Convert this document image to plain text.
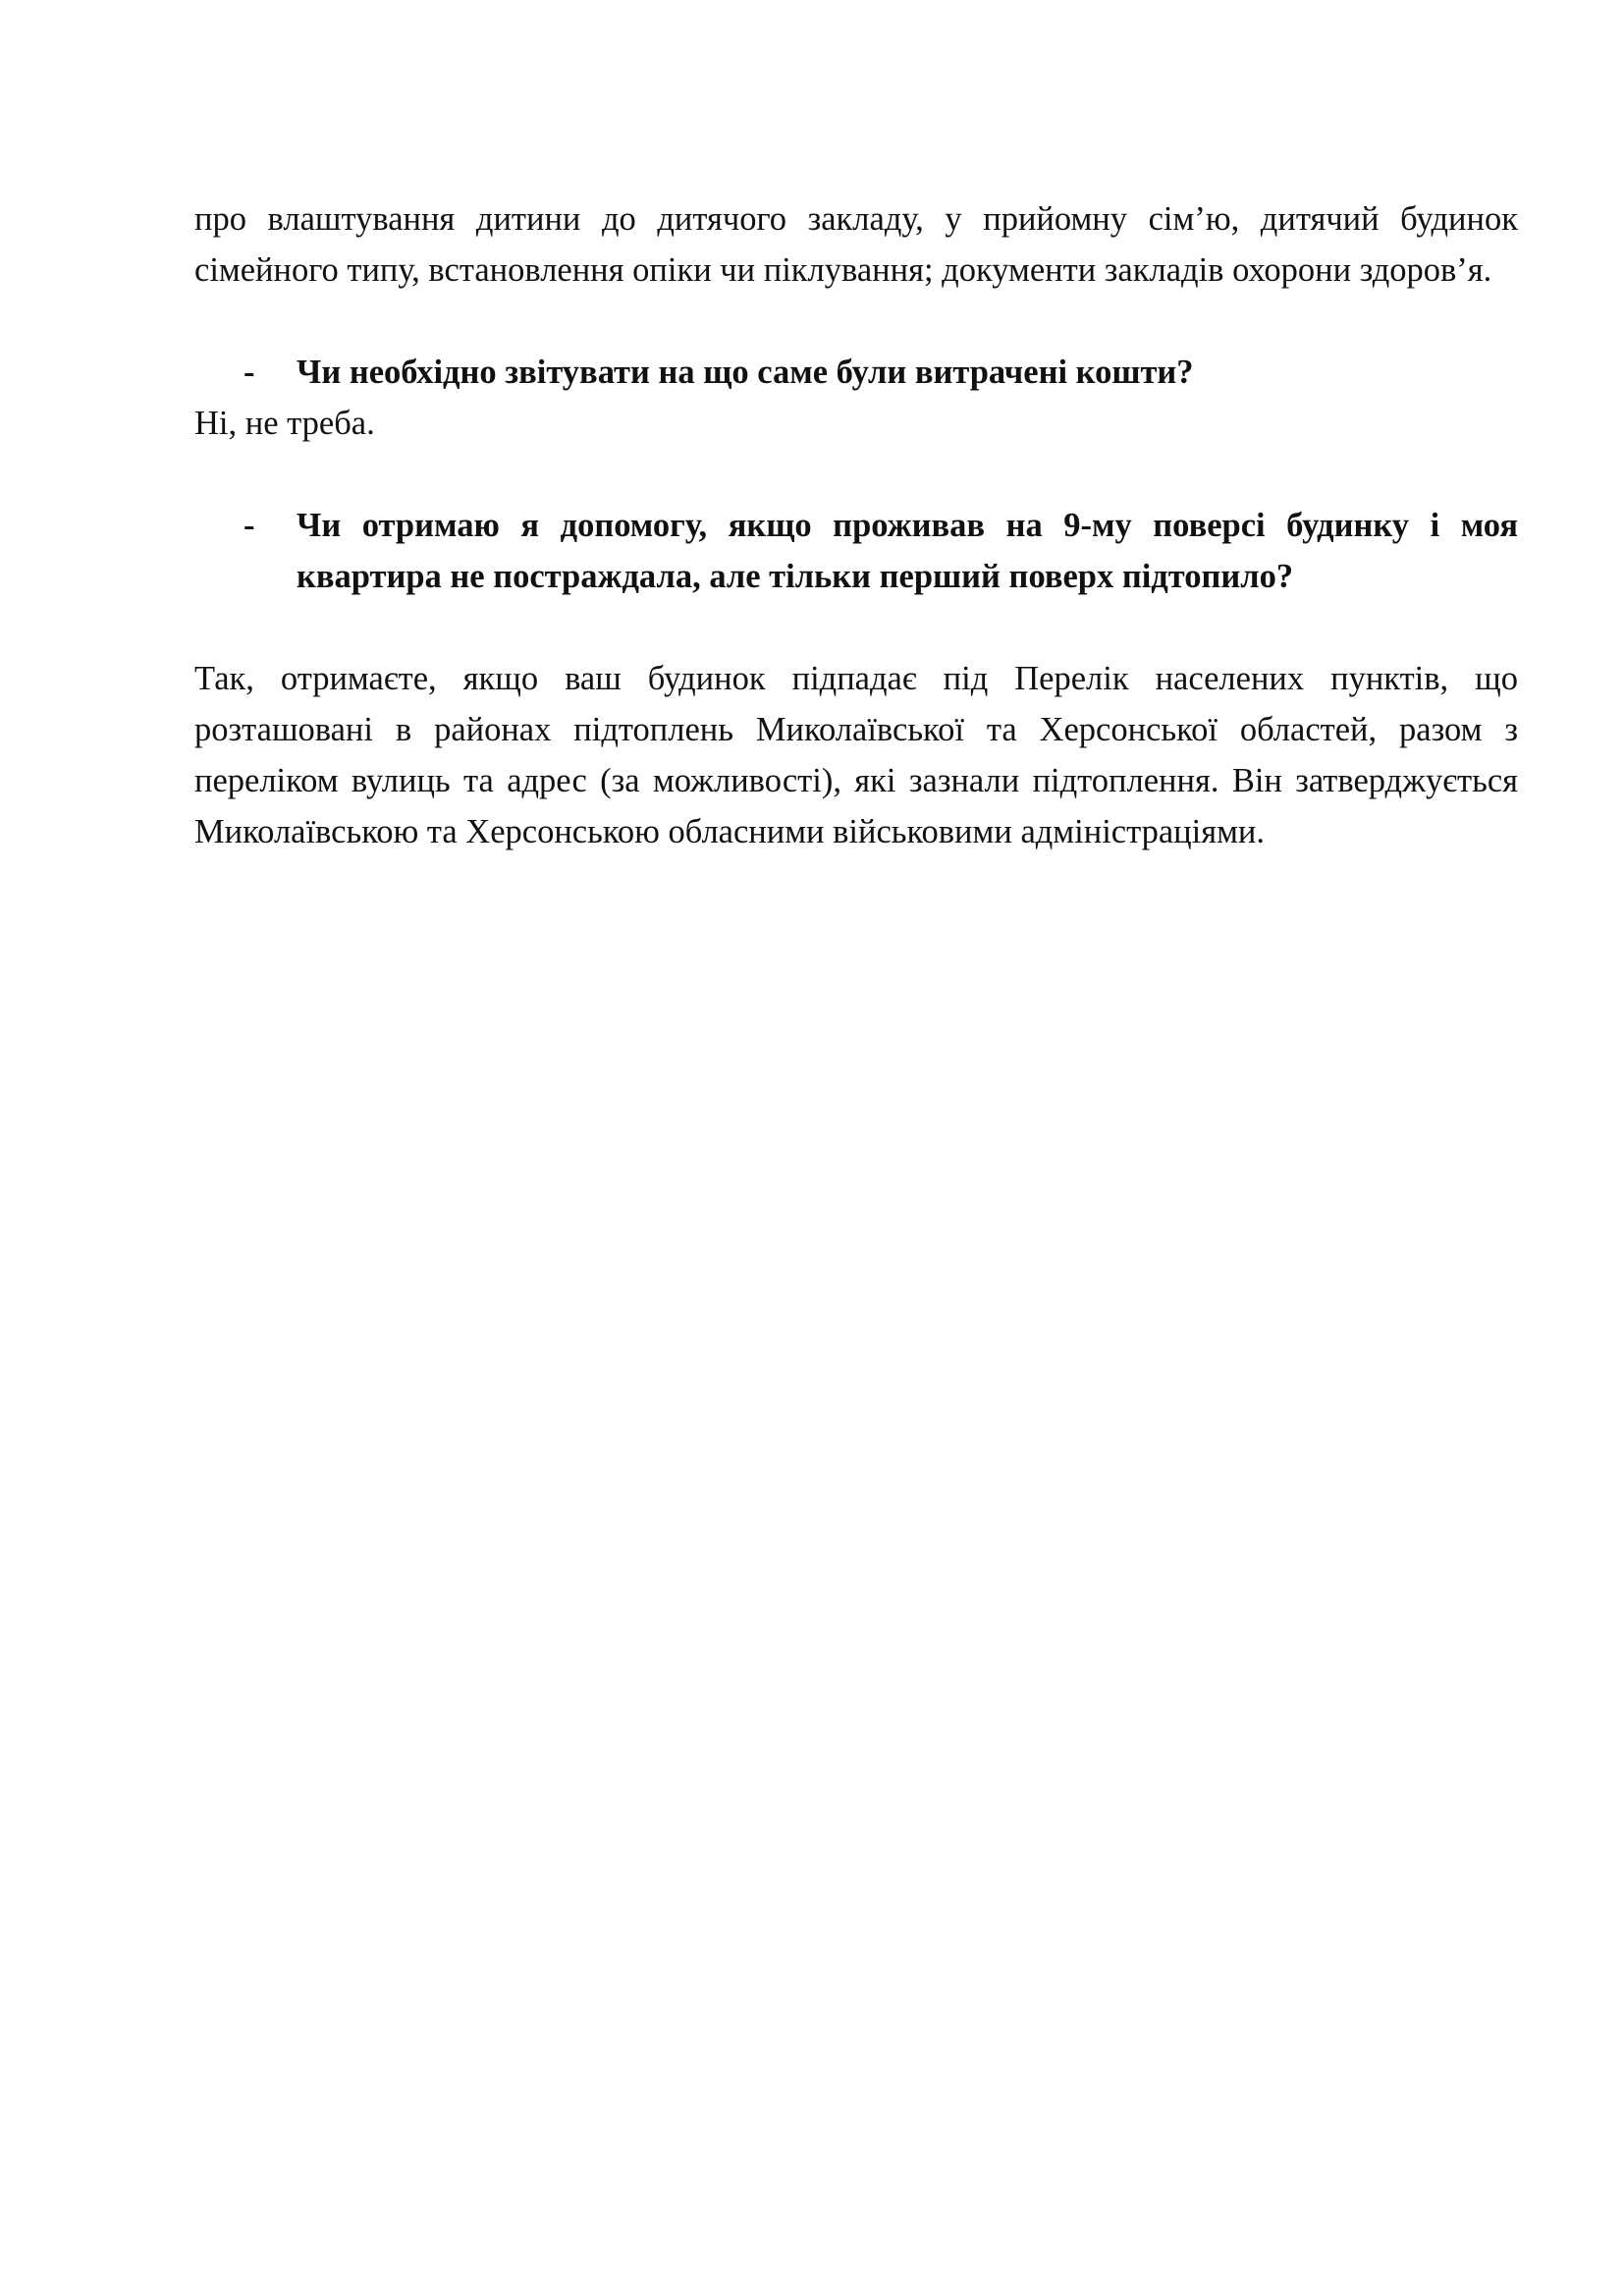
про влаштування дитини до дитячого закладу, у прийомну сім’ю, дитячий будинок сімейного типу, встановлення опіки чи піклування; документи закладів охорони здоров’я.

-	Чи необхідно звітувати на що саме були витрачені кошти?

Ні, не треба.

-	Чи отримаю я допомогу, якщо проживав на 9-му поверсі будинку і моя квартира не постраждала, але тільки перший поверх підтопило?

Так, отримаєте, якщо ваш будинок підпадає під Перелік населених пунктів, що розташовані в районах підтоплень Миколаївської та Херсонської областей, разом з переліком вулиць та адрес (за можливості), які зазнали підтоплення. Він затверджується Миколаївською та Херсонською обласними військовими адміністраціями.
